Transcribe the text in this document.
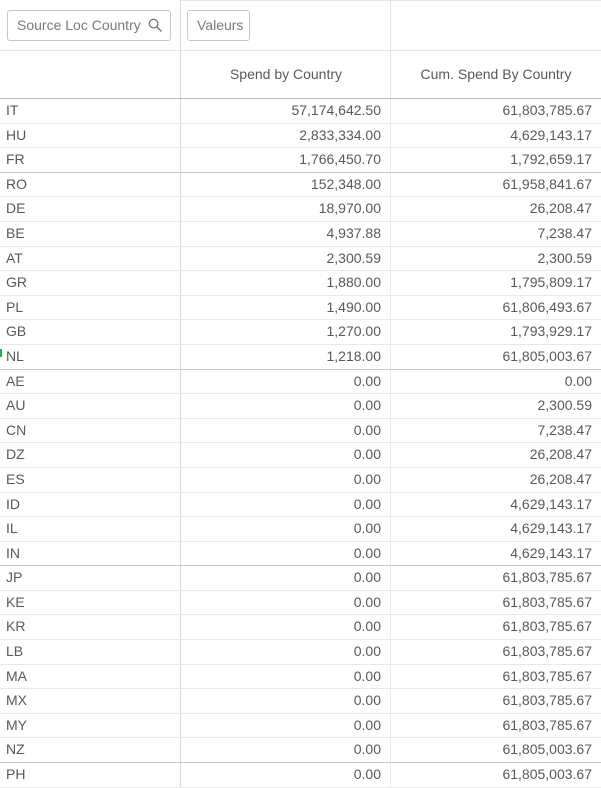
Source Loc Country	Valeurs
Spend by Country	Cum. Spend By Country
IT	57,174,642.50	61,803,785.67
HU	2,833,334.00	4,629,143.17
FR	1,766,450.70	1,792,659.17
RO	152,348.00	61,958,841.67
DE	18,970.00	26,208.47
BE	4,937.88	7,238.47
AT	2,300.59	2,300.59
GR	1,880.00	1,795,809.17
PL	1,490.00	61,806,493.67
GB	1,270.00	1,793,929.17
NL	1,218.00	61,805,003.67
AE	0.00	0.00
AU	0.00	2,300.59
CN	0.00	7,238.47
DZ	0.00	26,208.47
ES	0.00	26,208.47
ID	0.00	4,629,143.17
IL	0.00	4,629,143.17
IN	0.00	4,629,143.17
JP	0.00	61,803,785.67
KE	0.00	61,803,785.67
KR	0.00	61,803,785.67
LB	0.00	61,803,785.67
MA	0.00	61,803,785.67
MX	0.00	61,803,785.67
MY	0.00	61,803,785.67
NZ	0.00	61,805,003.67
PH	0.00	61,805,003.67
